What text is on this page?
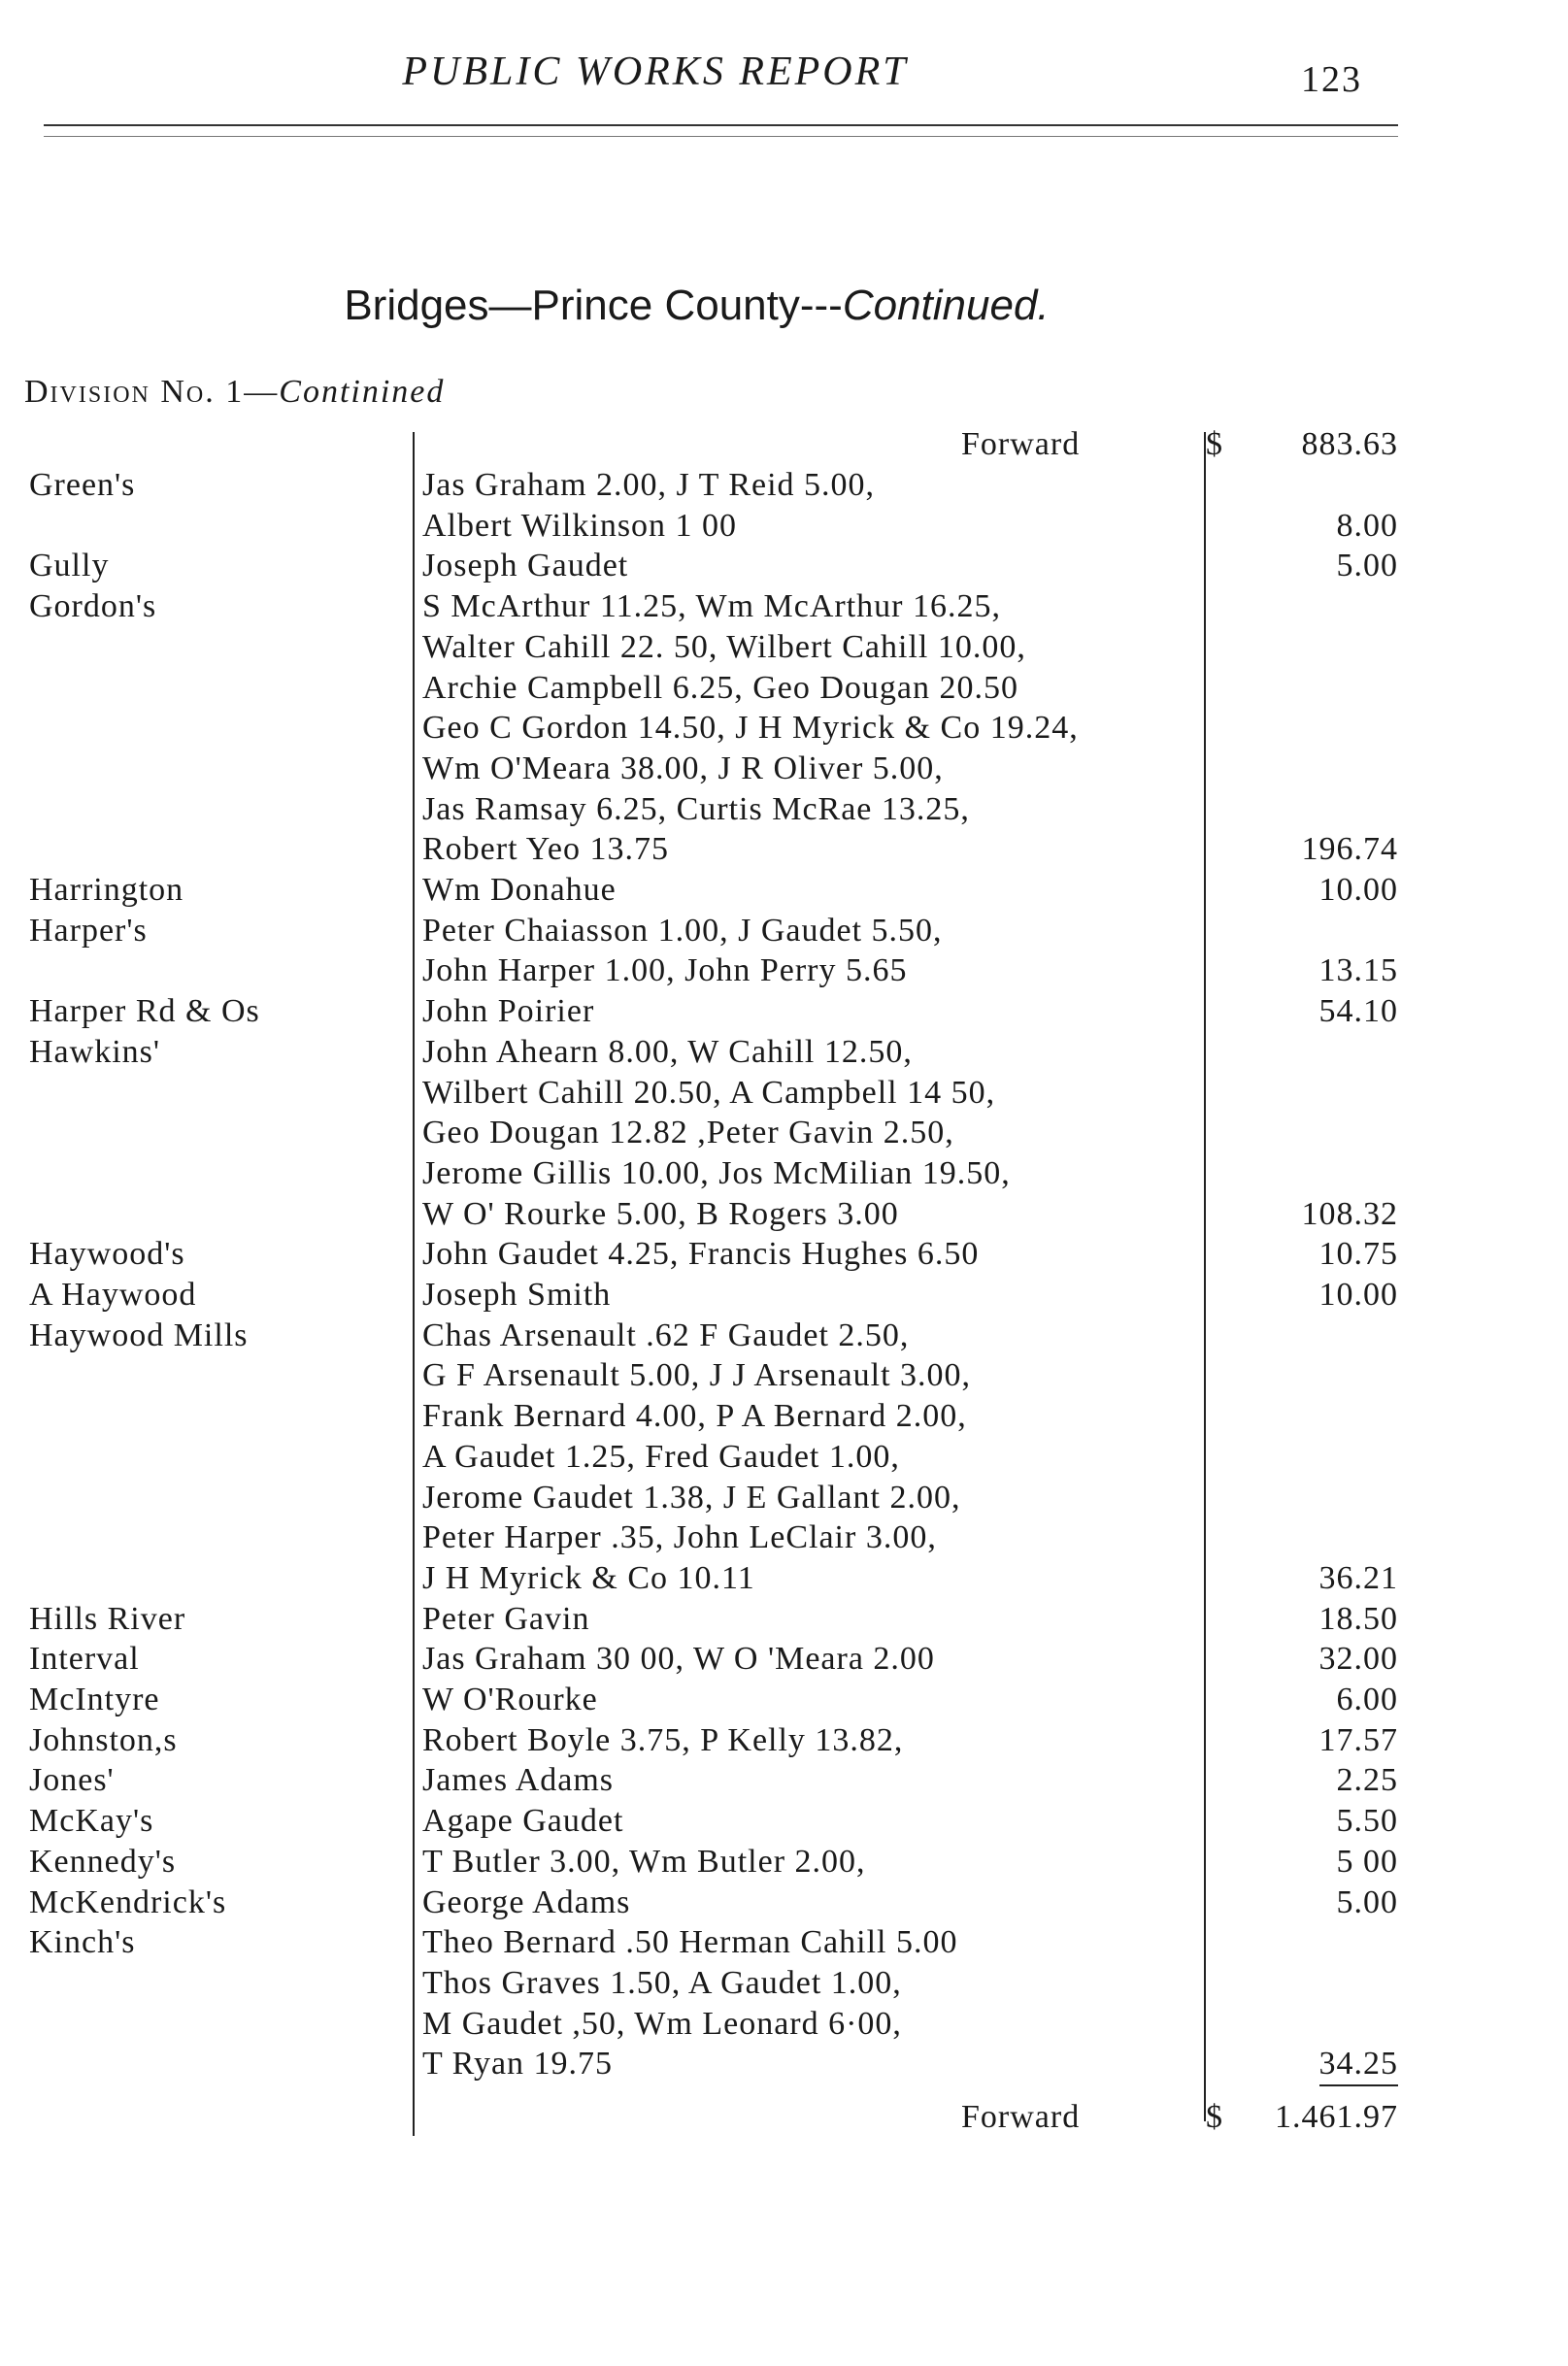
PUBLIC WORKS REPORT	123
Bridges—Prince County---Continued.
Division No. 1—Continined
Forward	$ 883.63
Green's	Jas Graham 2.00, J T Reid 5.00,
Albert Wilkinson 1 00	8.00
Gully	Joseph Gaudet	5.00
Gordon's	S McArthur 11.25, Wm McArthur 16.25,
Walter Cahill 22. 50, Wilbert Cahill 10.00,
Archie Campbell 6.25, Geo Dougan 20.50
Geo C Gordon 14.50, J H Myrick & Co 19.24,
Wm O'Meara 38.00, J R Oliver 5.00,
Jas Ramsay 6.25, Curtis McRae 13.25,
Robert Yeo 13.75	196.74
Harrington	Wm Donahue	10.00
Harper's	Peter Chaiasson 1.00, J Gaudet 5.50,
John Harper 1.00, John Perry 5.65	13.15
Harper Rd & Os	John Poirier	54.10
Hawkins'	John Ahearn 8.00, W Cahill 12.50,
Wilbert Cahill 20.50, A Campbell 14 50,
Geo Dougan 12.82 ,Peter Gavin 2.50,
Jerome Gillis 10.00, Jos McMilian 19.50,
W O' Rourke 5.00, B Rogers 3.00	108.32
Haywood's	John Gaudet 4.25, Francis Hughes 6.50	10.75
A Haywood	Joseph Smith	10.00
Haywood Mills	Chas Arsenault .62 F Gaudet 2.50,
G F Arsenault 5.00, J J Arsenault 3.00,
Frank Bernard 4.00, P A Bernard 2.00,
A Gaudet 1.25, Fred Gaudet 1.00,
Jerome Gaudet 1.38, J E Gallant 2.00,
Peter Harper .35, John LeClair 3.00,
J H Myrick & Co 10.11	36.21
Hills River	Peter Gavin	18.50
Interval	Jas Graham 30 00, W O 'Meara 2.00	32.00
McIntyre	W O'Rourke	6.00
Johnston,s	Robert Boyle 3.75, P Kelly 13.82,	17.57
Jones'	James Adams	2.25
McKay's	Agape Gaudet	5.50
Kennedy's	T Butler 3.00, Wm Butler 2.00,	5 00
McKendrick's	George Adams	5.00
Kinch's	Theo Bernard .50 Herman Cahill 5.00
Thos Graves 1.50, A Gaudet 1.00,
M Gaudet ,50, Wm Leonard 6·00,
T Ryan 19.75	34.25
Forward	$ 1.461.97
